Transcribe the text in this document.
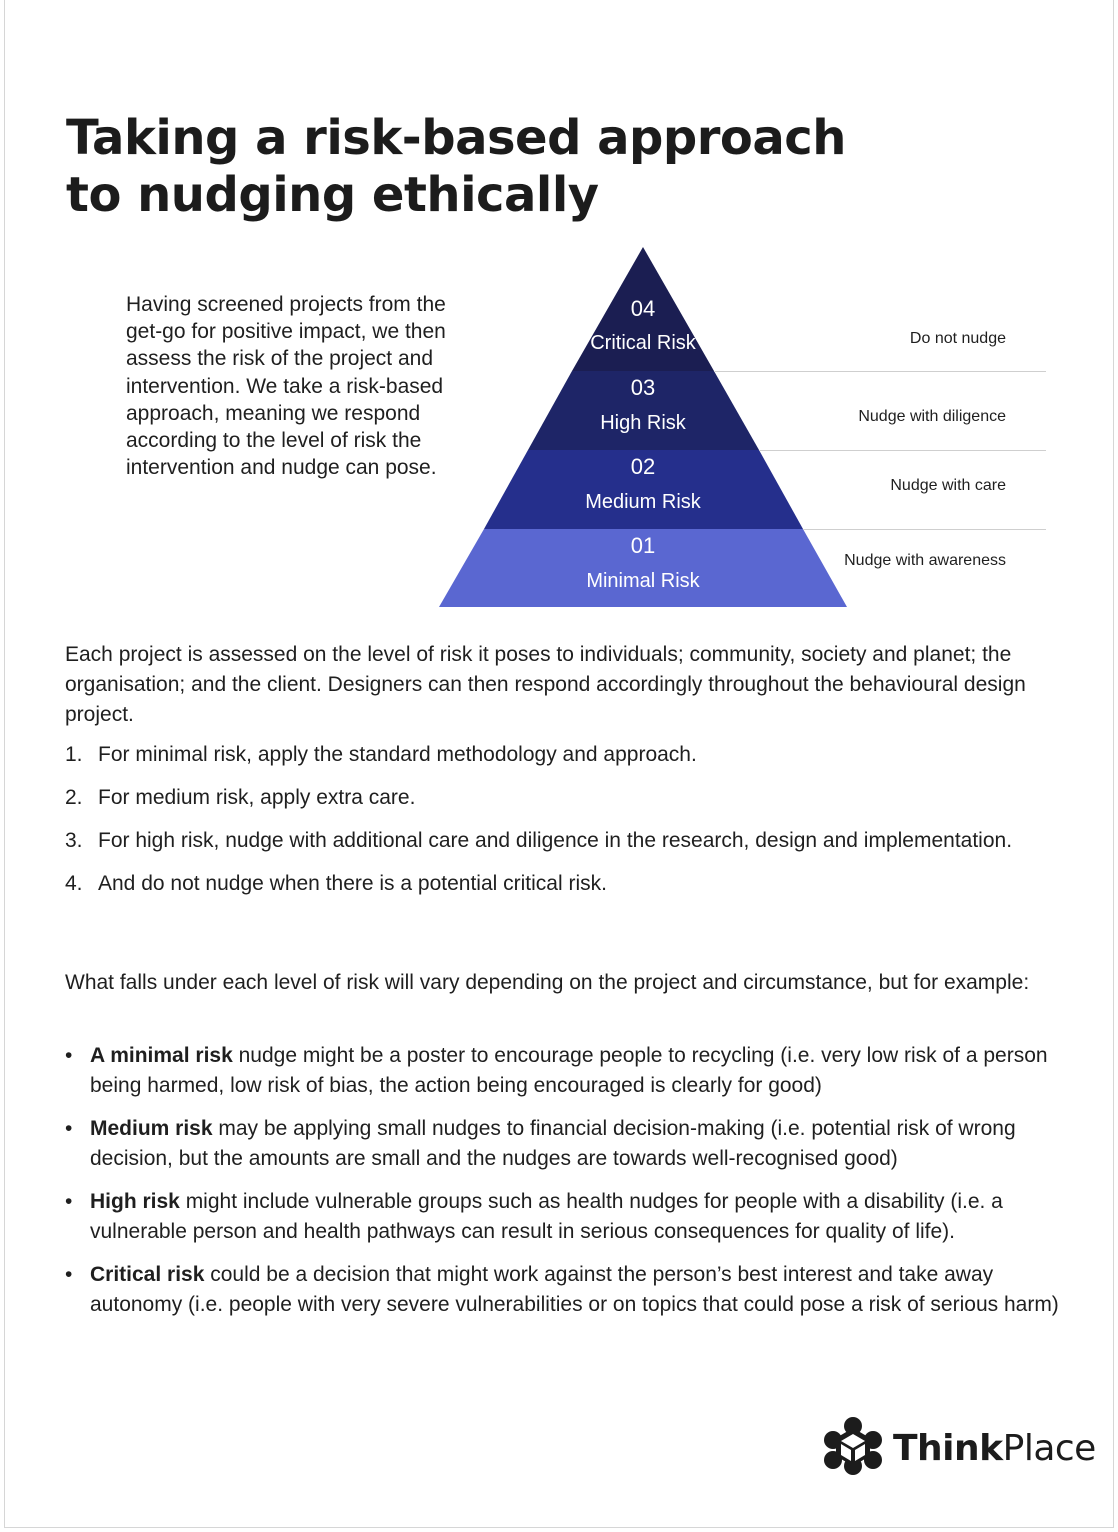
Taking a risk-based approach
to nudging ethically

Having screened projects from the get-go for positive impact, we then assess the risk of the project and intervention. We take a risk-based approach, meaning we respond according to the level of risk the intervention and nudge can pose.

04
Critical Risk
03
High Risk
02
Medium Risk
01
Minimal Risk
Do not nudge
Nudge with diligence
Nudge with care
Nudge with awareness

Each project is assessed on the level of risk it poses to individuals; community, society and planet; the organisation; and the client. Designers can then respond accordingly throughout the behavioural design project.

1. For minimal risk, apply the standard methodology and approach.
2. For medium risk, apply extra care.
3. For high risk, nudge with additional care and diligence in the research, design and implementation.
4. And do not nudge when there is a potential critical risk.

What falls under each level of risk will vary depending on the project and circumstance, but for example:

• A minimal risk nudge might be a poster to encourage people to recycling (i.e. very low risk of a person being harmed, low risk of bias, the action being encouraged is clearly for good)
• Medium risk may be applying small nudges to financial decision-making (i.e. potential risk of wrong decision, but the amounts are small and the nudges are towards well-recognised good)
• High risk might include vulnerable groups such as health nudges for people with a disability (i.e. a vulnerable person and health pathways can result in serious consequences for quality of life).
• Critical risk could be a decision that might work against the person’s best interest and take away autonomy (i.e. people with very severe vulnerabilities or on topics that could pose a risk of serious harm)
ThinkPlace
